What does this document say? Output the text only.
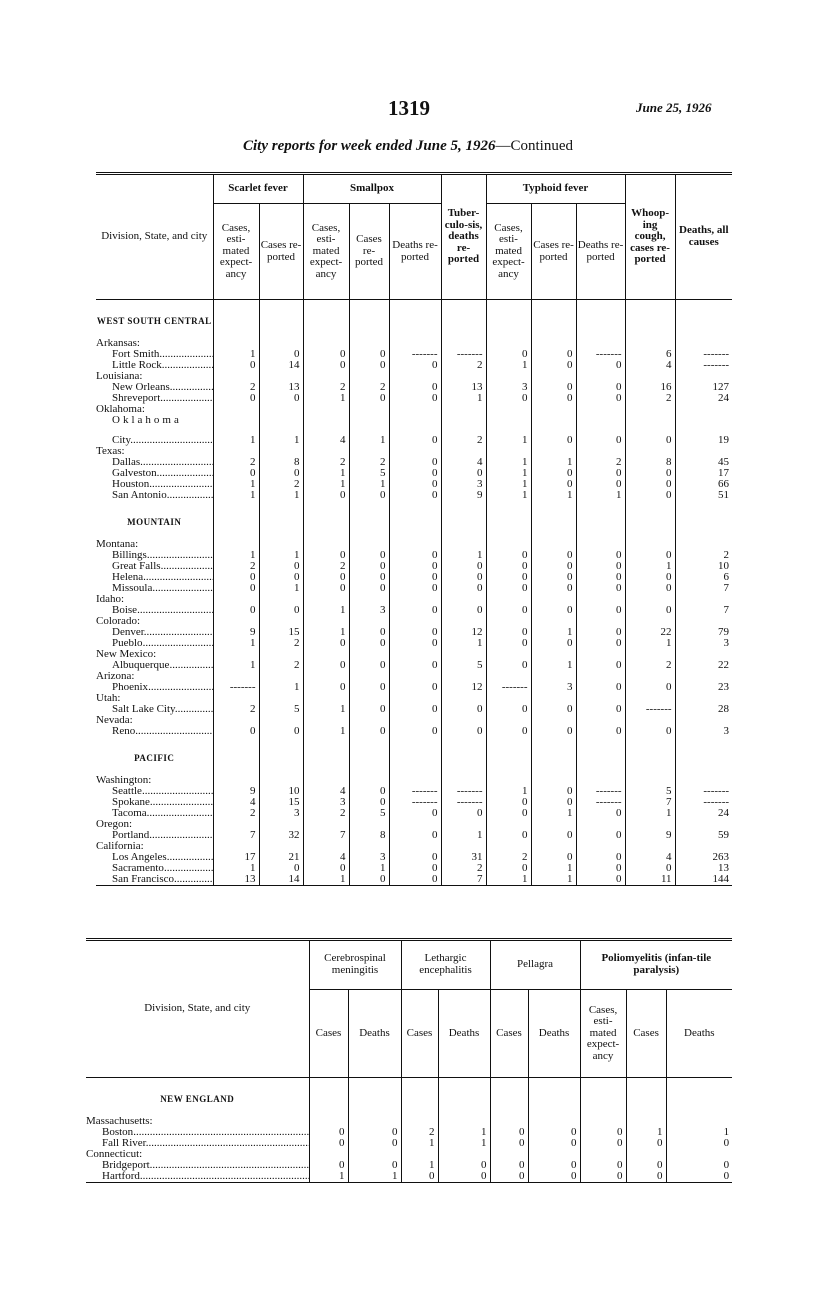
1319	June 25, 1926
City reports for week ended June 5, 1926—Continued
Division, State, and city	Scarlet fever		Smallpox			Tuber-culo-sis, deaths re-ported	Typhoid fever			Whoop-ing cough, cases re-ported	Deaths, all causes
	Cases, esti-mated expect-ancy	Cases re-ported	Cases, esti-mated expect-ancy	Cases re-ported	Deaths re-ported		Cases, esti-mated expect-ancy	Cases re-ported	Deaths re-ported		

WEST SOUTH CENTRAL											
Arkansas:											
Fort Smith .....	1	0	0	0	-------	-------	0	0	-------	6	-------
Little Rock .....	0	14	0	0	0	2	1	0	0	4	-------
Louisiana:											
New Orleans .....	2	13	2	2	0	13	3	0	0	16	127
Shreveport .....	0	0	1	0	0	1	0	0	0	2	24
Oklahoma:											
Oklahoma											
City .....	1	1	4	1	0	2	1	0	0	0	19
Texas:											
Dallas .....	2	8	2	2	0	4	1	1	2	8	45
Galveston .....	0	0	1	5	0	0	1	0	0	0	17
Houston .....	1	2	1	1	0	3	1	0	0	0	66
San Antonio .....	1	1	0	0	0	9	1	1	1	0	51

MOUNTAIN											
Montana:											
Billings .....	1	1	0	0	0	1	0	0	0	0	2
Great Falls .....	2	0	2	0	0	0	0	0	0	1	10
Helena .....	0	0	0	0	0	0	0	0	0	0	6
Missoula .....	0	1	0	0	0	0	0	0	0	0	7
Idaho:											
Boise .....	0	0	1	3	0	0	0	0	0	0	7
Colorado:											
Denver .....	9	15	1	0	0	12	0	1	0	22	79
Pueblo .....	1	2	0	0	0	1	0	0	0	1	3
New Mexico:											
Albuquerque .....	1	2	0	0	0	5	0	1	0	2	22
Arizona:											
Phoenix .....	-------	1	0	0	0	12	-------	3	0	0	23
Utah:											
Salt Lake City .....	2	5	1	0	0	0	0	0	0	-------	28
Nevada:											
Reno .....	0	0	1	0	0	0	0	0	0	0	3

PACIFIC											
Washington:											
Seattle .....	9	10	4	0	-------	-------	1	0	-------	5	-------
Spokane .....	4	15	3	0	-------	-------	0	0	-------	7	-------
Tacoma .....	2	3	2	5	0	0	0	1	0	1	24
Oregon:											
Portland .....	7	32	7	8	0	1	0	0	0	9	59
California:											
Los Angeles .....	17	21	4	3	0	31	2	0	0	4	263
Sacramento .....	1	0	0	1	0	2	0	1	0	0	13
San Francisco .....	13	14	1	0	0	7	1	1	0	11	144
Division, State, and city	Cerebrospinal meningitis		Lethargic encephalitis		Pellagra		Poliomyelitis (infan-tile paralysis)		
	Cases	Deaths	Cases	Deaths	Cases	Deaths	Cases, esti-mated expect-ancy	Cases	Deaths

NEW ENGLAND									
Massachusetts:									
Boston .....	0	0	2	1	0	0	0	1	1
Fall River .....	0	0	1	1	0	0	0	0	0
Connecticut:									
Bridgeport .....	0	0	1	0	0	0	0	0	0
Hartford .....	1	1	0	0	0	0	0	0	0
